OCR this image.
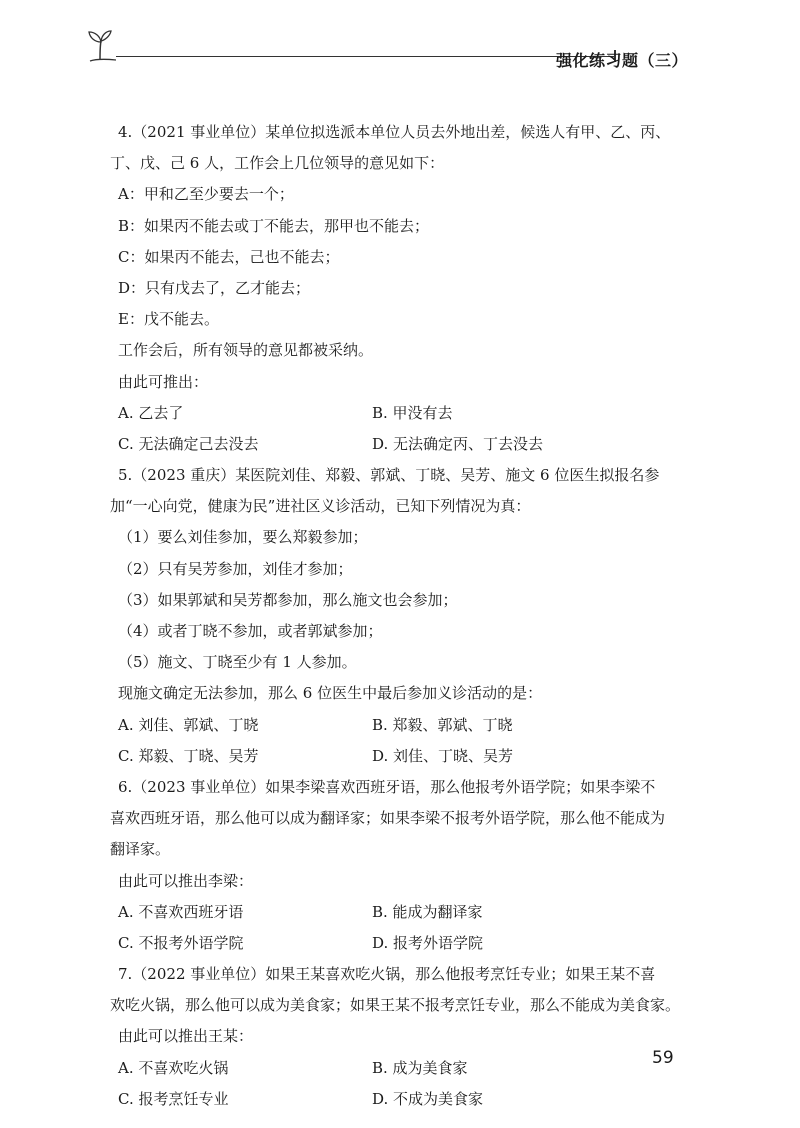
强化练习题（三）
4.（2021 事业单位）某单位拟选派本单位人员去外地出差，候选人有甲、乙、丙、
丁、戊、己 6 人，工作会上几位领导的意见如下：
A：甲和乙至少要去一个；
B：如果丙不能去或丁不能去，那甲也不能去；
C：如果丙不能去，己也不能去；
D：只有戊去了，乙才能去；
E：戊不能去。
工作会后，所有领导的意见都被采纳。
由此可推出：
A. 乙去了	B. 甲没有去
C. 无法确定己去没去	D. 无法确定丙、丁去没去
5.（2023 重庆）某医院刘佳、郑毅、郭斌、丁晓、吴芳、施文 6 位医生拟报名参
加“一心向党，健康为民”进社区义诊活动，已知下列情况为真：
（1）要么刘佳参加，要么郑毅参加；
（2）只有吴芳参加，刘佳才参加；
（3）如果郭斌和吴芳都参加，那么施文也会参加；
（4）或者丁晓不参加，或者郭斌参加；
（5）施文、丁晓至少有 1 人参加。
现施文确定无法参加，那么 6 位医生中最后参加义诊活动的是：
A. 刘佳、郭斌、丁晓	B. 郑毅、郭斌、丁晓
C. 郑毅、丁晓、吴芳	D. 刘佳、丁晓、吴芳
6.（2023 事业单位）如果李梁喜欢西班牙语，那么他报考外语学院；如果李梁不
喜欢西班牙语，那么他可以成为翻译家；如果李梁不报考外语学院，那么他不能成为
翻译家。
由此可以推出李梁：
A. 不喜欢西班牙语	B. 能成为翻译家
C. 不报考外语学院	D. 报考外语学院
7.（2022 事业单位）如果王某喜欢吃火锅，那么他报考烹饪专业；如果王某不喜
欢吃火锅，那么他可以成为美食家；如果王某不报考烹饪专业，那么不能成为美食家。
由此可以推出王某：
A. 不喜欢吃火锅	B. 成为美食家
C. 报考烹饪专业	D. 不成为美食家
59
